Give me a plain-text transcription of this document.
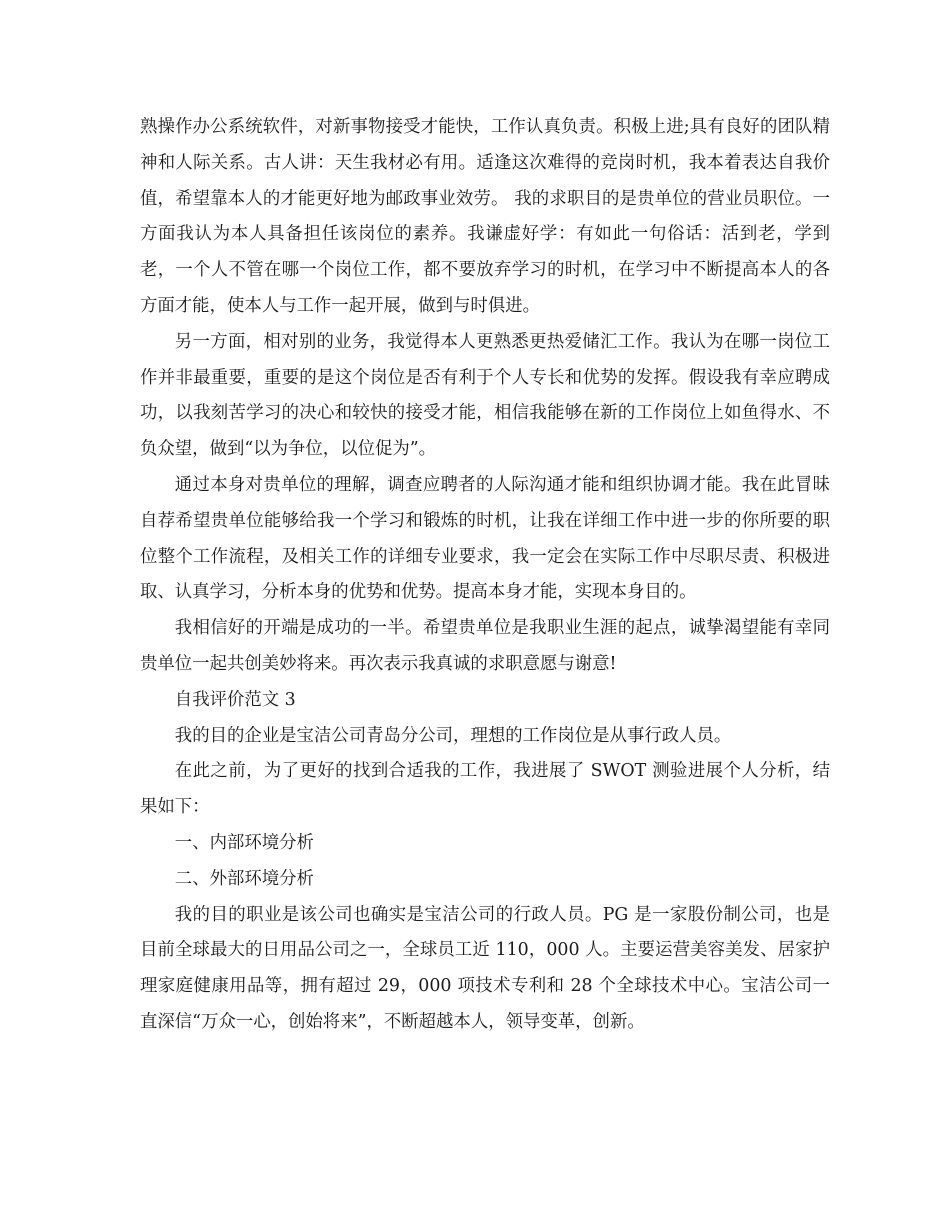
熟操作办公系统软件，对新事物接受才能快，工作认真负责。积极上进;具有良好的团队精神和人际关系。古人讲：天生我材必有用。适逢这次难得的竞岗时机，我本着表达自我价值，希望靠本人的才能更好地为邮政事业效劳。 我的求职目的是贵单位的营业员职位。一方面我认为本人具备担任该岗位的素养。我谦虚好学：有如此一句俗话：活到老，学到老，一个人不管在哪一个岗位工作，都不要放弃学习的时机，在学习中不断提高本人的各方面才能，使本人与工作一起开展，做到与时俱进。

另一方面，相对别的业务，我觉得本人更熟悉更热爱储汇工作。我认为在哪一岗位工作并非最重要，重要的是这个岗位是否有利于个人专长和优势的发挥。假设我有幸应聘成功，以我刻苦学习的决心和较快的接受才能，相信我能够在新的工作岗位上如鱼得水、不负众望，做到“以为争位，以位促为”。

通过本身对贵单位的理解，调查应聘者的人际沟通才能和组织协调才能。我在此冒昧自荐希望贵单位能够给我一个学习和锻炼的时机，让我在详细工作中进一步的你所要的职位整个工作流程，及相关工作的详细专业要求，我一定会在实际工作中尽职尽责、积极进取、认真学习，分析本身的优势和优势。提高本身才能，实现本身目的。

我相信好的开端是成功的一半。希望贵单位是我职业生涯的起点，诚挚渴望能有幸同贵单位一起共创美妙将来。再次表示我真诚的求职意愿与谢意!

自我评价范文 3

我的目的企业是宝洁公司青岛分公司，理想的工作岗位是从事行政人员。

在此之前，为了更好的找到合适我的工作，我进展了 SWOT 测验进展个人分析，结果如下：

一、内部环境分析

二、外部环境分析

我的目的职业是该公司也确实是宝洁公司的行政人员。PG 是一家股份制公司，也是目前全球最大的日用品公司之一，全球员工近 110，000 人。主要运营美容美发、居家护理家庭健康用品等，拥有超过 29，000 项技术专利和 28 个全球技术中心。宝洁公司一直深信“万众一心，创始将来”，不断超越本人，领导变革，创新。
